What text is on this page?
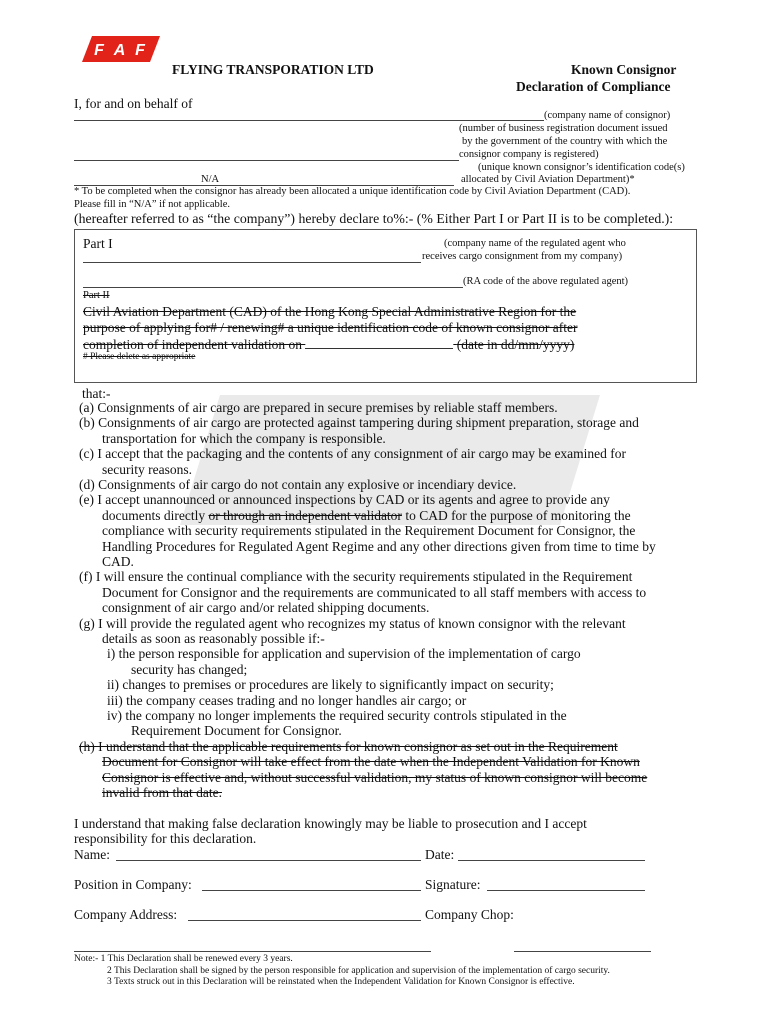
F A F
FLYING TRANSPORATION LTD	Known Consignor
Declaration of Compliance
I, for and on behalf of
(company name of consignor)
(number of business registration document issued
by the government of the country with which the
consignor company is registered)
(unique known consignor’s identification code(s)
N/A	allocated by Civil Aviation Department)*
* To be completed when the consignor has already been allocated a unique identification code by Civil Aviation Department (CAD).
Please fill in “N/A” if not applicable.
(hereafter referred to as “the company”) hereby declare to%:- (% Either Part I or Part II is to be completed.):
Part I	(company name of the regulated agent who
receives cargo consignment from my company)
(RA code of the above regulated agent)
Part II
Civil Aviation Department (CAD) of the Hong Kong Special Administrative Region for the
purpose of applying for# / renewing# a unique identification code of known consignor after
completion of independent validation on	(date in dd/mm/yyyy)
# Please delete as appropriate
that:-
(a) Consignments of air cargo are prepared in secure premises by reliable staff members.
(b) Consignments of air cargo are protected against tampering during shipment preparation, storage and
transportation for which the company is responsible.
(c) I accept that the packaging and the contents of any consignment of air cargo may be examined for
security reasons.
(d) Consignments of air cargo do not contain any explosive or incendiary device.
(e) I accept unannounced or announced inspections by CAD or its agents and agree to provide any
documents directly or through an independent validator to CAD for the purpose of monitoring the
compliance with security requirements stipulated in the Requirement Document for Consignor, the
Handling Procedures for Regulated Agent Regime and any other directions given from time to time by
CAD.
(f) I will ensure the continual compliance with the security requirements stipulated in the Requirement
Document for Consignor and the requirements are communicated to all staff members with access to
consignment of air cargo and/or related shipping documents.
(g) I will provide the regulated agent who recognizes my status of known consignor with the relevant
details as soon as reasonably possible if:-
i) the person responsible for application and supervision of the implementation of cargo
security has changed;
ii) changes to premises or procedures are likely to significantly impact on security;
iii) the company ceases trading and no longer handles air cargo; or
iv) the company no longer implements the required security controls stipulated in the
Requirement Document for Consignor.
(h) I understand that the applicable requirements for known consignor as set out in the Requirement
Document for Consignor will take effect from the date when the Independent Validation for Known
Consignor is effective and, without successful validation, my status of known consignor will become
invalid from that date.
I understand that making false declaration knowingly may be liable to prosecution and I accept
responsibility for this declaration.
Name:	Date:
Position in Company:	Signature:
Company Address:	Company Chop:
Note:- 1 This Declaration shall be renewed every 3 years.
2 This Declaration shall be signed by the person responsible for application and supervision of the implementation of cargo security.
3 Texts struck out in this Declaration will be reinstated when the Independent Validation for Known Consignor is effective.
